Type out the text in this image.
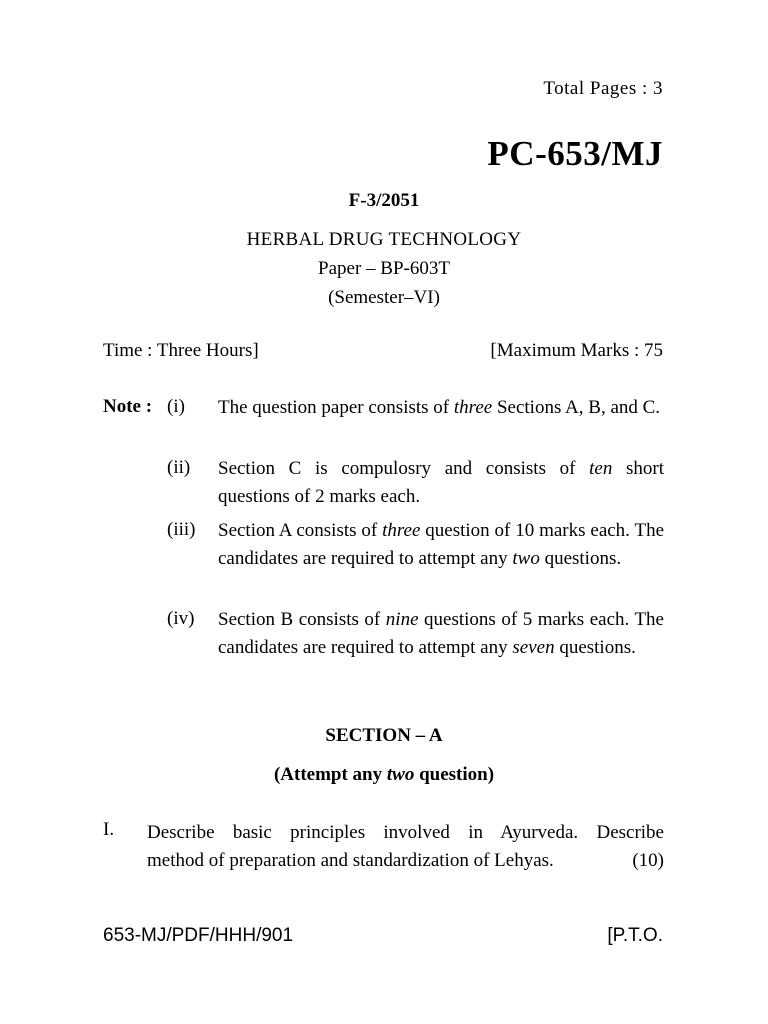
Total Pages : 3
PC-653/MJ
F-3/2051
HERBAL DRUG TECHNOLOGY
Paper – BP-603T
(Semester–VI)
Time : Three Hours]	[Maximum Marks : 75
Note : (i) The question paper consists of three Sections A, B, and C.
(ii) Section C is compulosry and consists of ten short questions of 2 marks each.
(iii) Section A consists of three question of 10 marks each. The candidates are required to attempt any two questions.
(iv) Section B consists of nine questions of 5 marks each. The candidates are required to attempt any seven questions.
SECTION – A
(Attempt any two question)
I. Describe basic principles involved in Ayurveda. Describe
method of preparation and standardization of Lehyas.	(10)
653-MJ/PDF/HHH/901	[P.T.O.
